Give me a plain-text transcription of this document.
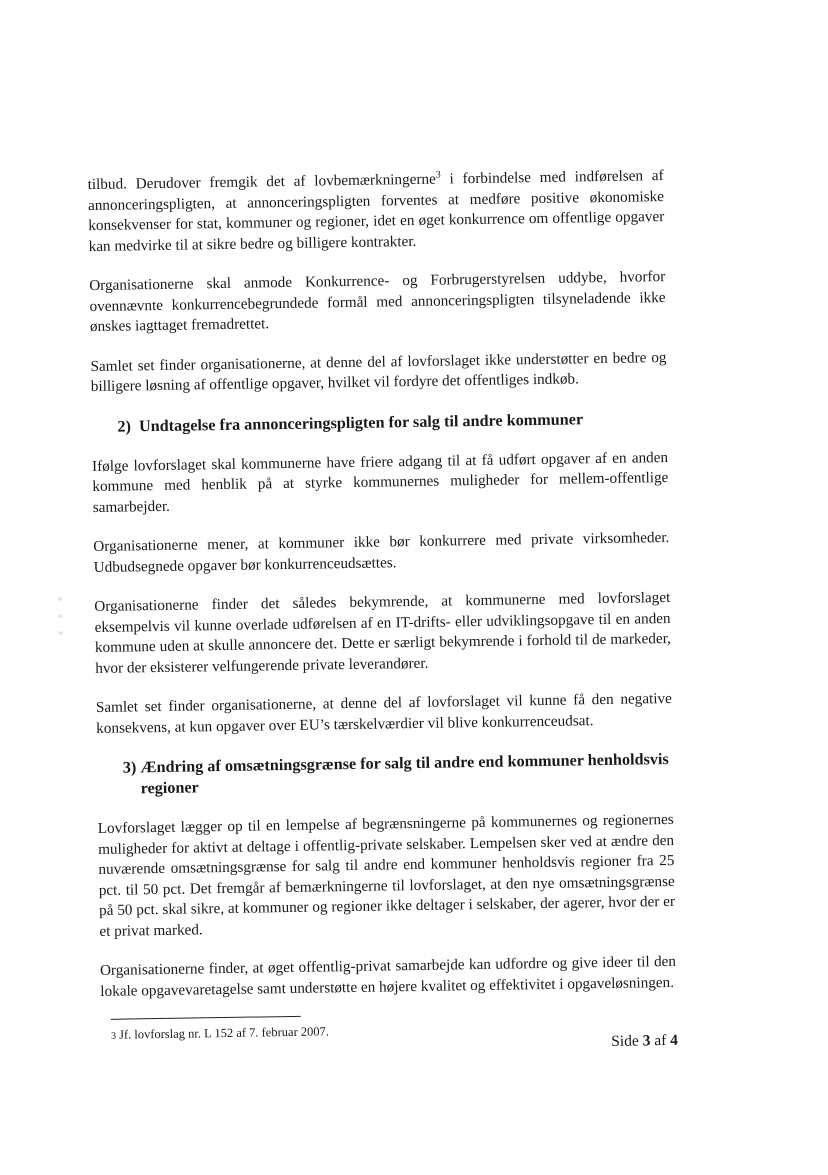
tilbud. Derudover fremgik det af lovbemærkningerne$^3$ i forbindelse med indførelsen af annonceringspligten, at annonceringspligten forventes at medføre positive økonomiske konsekvenser for stat, kommuner og regioner, idet en øget konkurrence om offentlige opgaver kan medvirke til at sikre bedre og billigere kontrakter.

Organisationerne skal anmode Konkurrence- og Forbrugerstyrelsen uddybe, hvorfor ovennævnte konkurrencebegrundede formål med annonceringspligten tilsyneladende ikke ønskes iagttaget fremadrettet.

Samlet set finder organisationerne, at denne del af lovforslaget ikke understøtter en bedre og billigere løsning af offentlige opgaver, hvilket vil fordyre det offentliges indkøb.

2) Undtagelse fra annonceringspligten for salg til andre kommuner

Ifølge lovforslaget skal kommunerne have friere adgang til at få udført opgaver af en anden kommune med henblik på at styrke kommunernes muligheder for mellem-offentlige samarbejder.

Organisationerne mener, at kommuner ikke bør konkurrere med private virksomheder. Udbudsegnede opgaver bør konkurrenceudsættes.

Organisationerne finder det således bekymrende, at kommunerne med lovforslaget eksempelvis vil kunne overlade udførelsen af en IT-drifts- eller udviklingsopgave til en anden kommune uden at skulle annoncere det. Dette er særligt bekymrende i forhold til de markeder, hvor der eksisterer velfungerende private leverandører.

Samlet set finder organisationerne, at denne del af lovforslaget vil kunne få den negative konsekvens, at kun opgaver over EU’s tærskelværdier vil blive konkurrenceudsat.

3) Ændring af omsætningsgrænse for salg til andre end kommuner henholdsvis regioner

Lovforslaget lægger op til en lempelse af begrænsningerne på kommunernes og regionernes muligheder for aktivt at deltage i offentlig-private selskaber. Lempelsen sker ved at ændre den nuværende omsætningsgrænse for salg til andre end kommuner henholdsvis regioner fra 25 pct. til 50 pct. Det fremgår af bemærkningerne til lovforslaget, at den nye omsætningsgrænse på 50 pct. skal sikre, at kommuner og regioner ikke deltager i selskaber, der agerer, hvor der er et privat marked.

Organisationerne finder, at øget offentlig-privat samarbejde kan udfordre og give ideer til den lokale opgavevaretagelse samt understøtte en højere kvalitet og effektivitet i opgaveløsningen.

3 Jf. lovforslag nr. L 152 af 7. februar 2007.	Side 3 af 4
